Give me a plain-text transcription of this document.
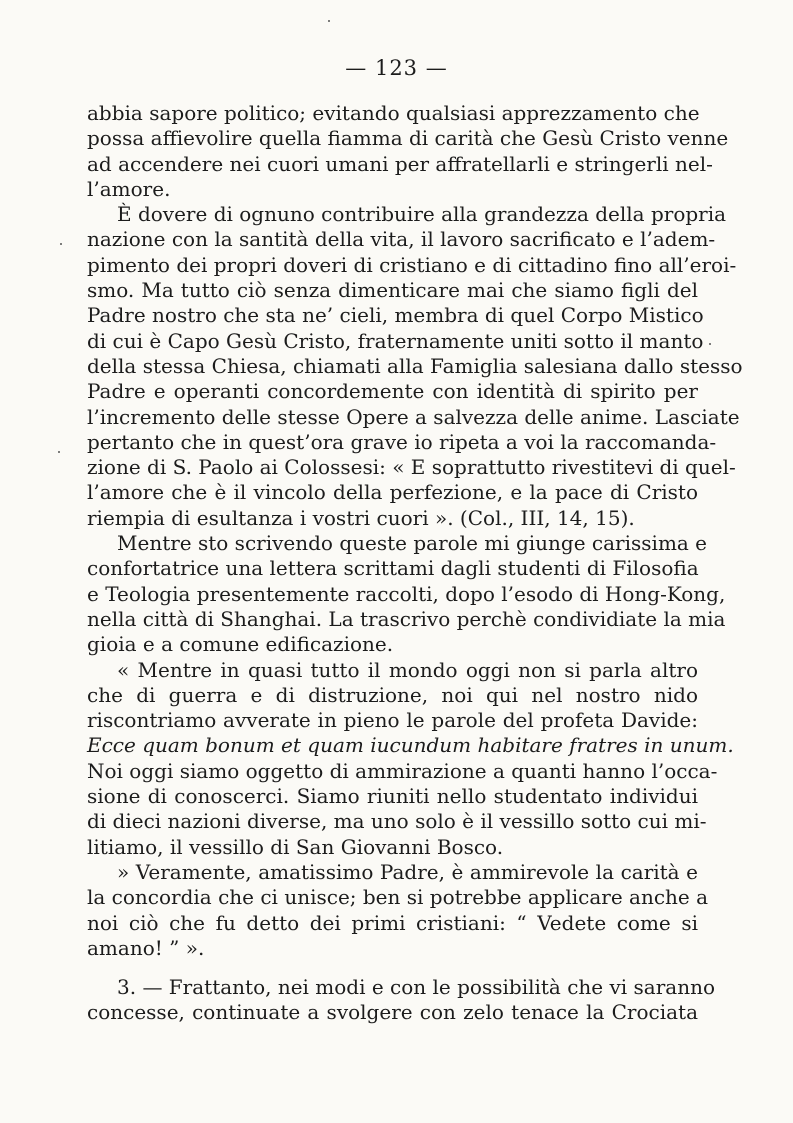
— 123 —
abbia sapore politico; evitando qualsiasi apprezzamento che
possa affievolire quella fiamma di carità che Gesù Cristo venne
ad accendere nei cuori umani per affratellarli e stringerli nel-
l’amore.
È dovere di ognuno contribuire alla grandezza della propria
nazione con la santità della vita, il lavoro sacrificato e l’adem-
pimento dei propri doveri di cristiano e di cittadino fino all’eroi-
smo. Ma tutto ciò senza dimenticare mai che siamo figli del
Padre nostro che sta ne’ cieli, membra di quel Corpo Mistico
di cui è Capo Gesù Cristo, fraternamente uniti sotto il manto
della stessa Chiesa, chiamati alla Famiglia salesiana dallo stesso
Padre e operanti concordemente con identità di spirito per
l’incremento delle stesse Opere a salvezza delle anime. Lasciate
pertanto che in quest’ora grave io ripeta a voi la raccomanda-
zione di S. Paolo ai Colossesi: « E soprattutto rivestitevi di quel-
l’amore che è il vincolo della perfezione, e la pace di Cristo
riempia di esultanza i vostri cuori ». (Col., III, 14, 15).
Mentre sto scrivendo queste parole mi giunge carissima e
confortatrice una lettera scrittami dagli studenti di Filosofia
e Teologia presentemente raccolti, dopo l’esodo di Hong-Kong,
nella città di Shanghai. La trascrivo perchè condividiate la mia
gioia e a comune edificazione.
« Mentre in quasi tutto il mondo oggi non si parla altro
che di guerra e di distruzione, noi qui nel nostro nido
riscontriamo avverate in pieno le parole del profeta Davide:
Ecce quam bonum et quam iucundum habitare fratres in unum.
Noi oggi siamo oggetto di ammirazione a quanti hanno l’occa-
sione di conoscerci. Siamo riuniti nello studentato individui
di dieci nazioni diverse, ma uno solo è il vessillo sotto cui mi-
litiamo, il vessillo di San Giovanni Bosco.
» Veramente, amatissimo Padre, è ammirevole la carità e
la concordia che ci unisce; ben si potrebbe applicare anche a
noi ciò che fu detto dei primi cristiani: “ Vedete come si
amano! ” ».
3. — Frattanto, nei modi e con le possibilità che vi saranno
concesse, continuate a svolgere con zelo tenace la Crociata
